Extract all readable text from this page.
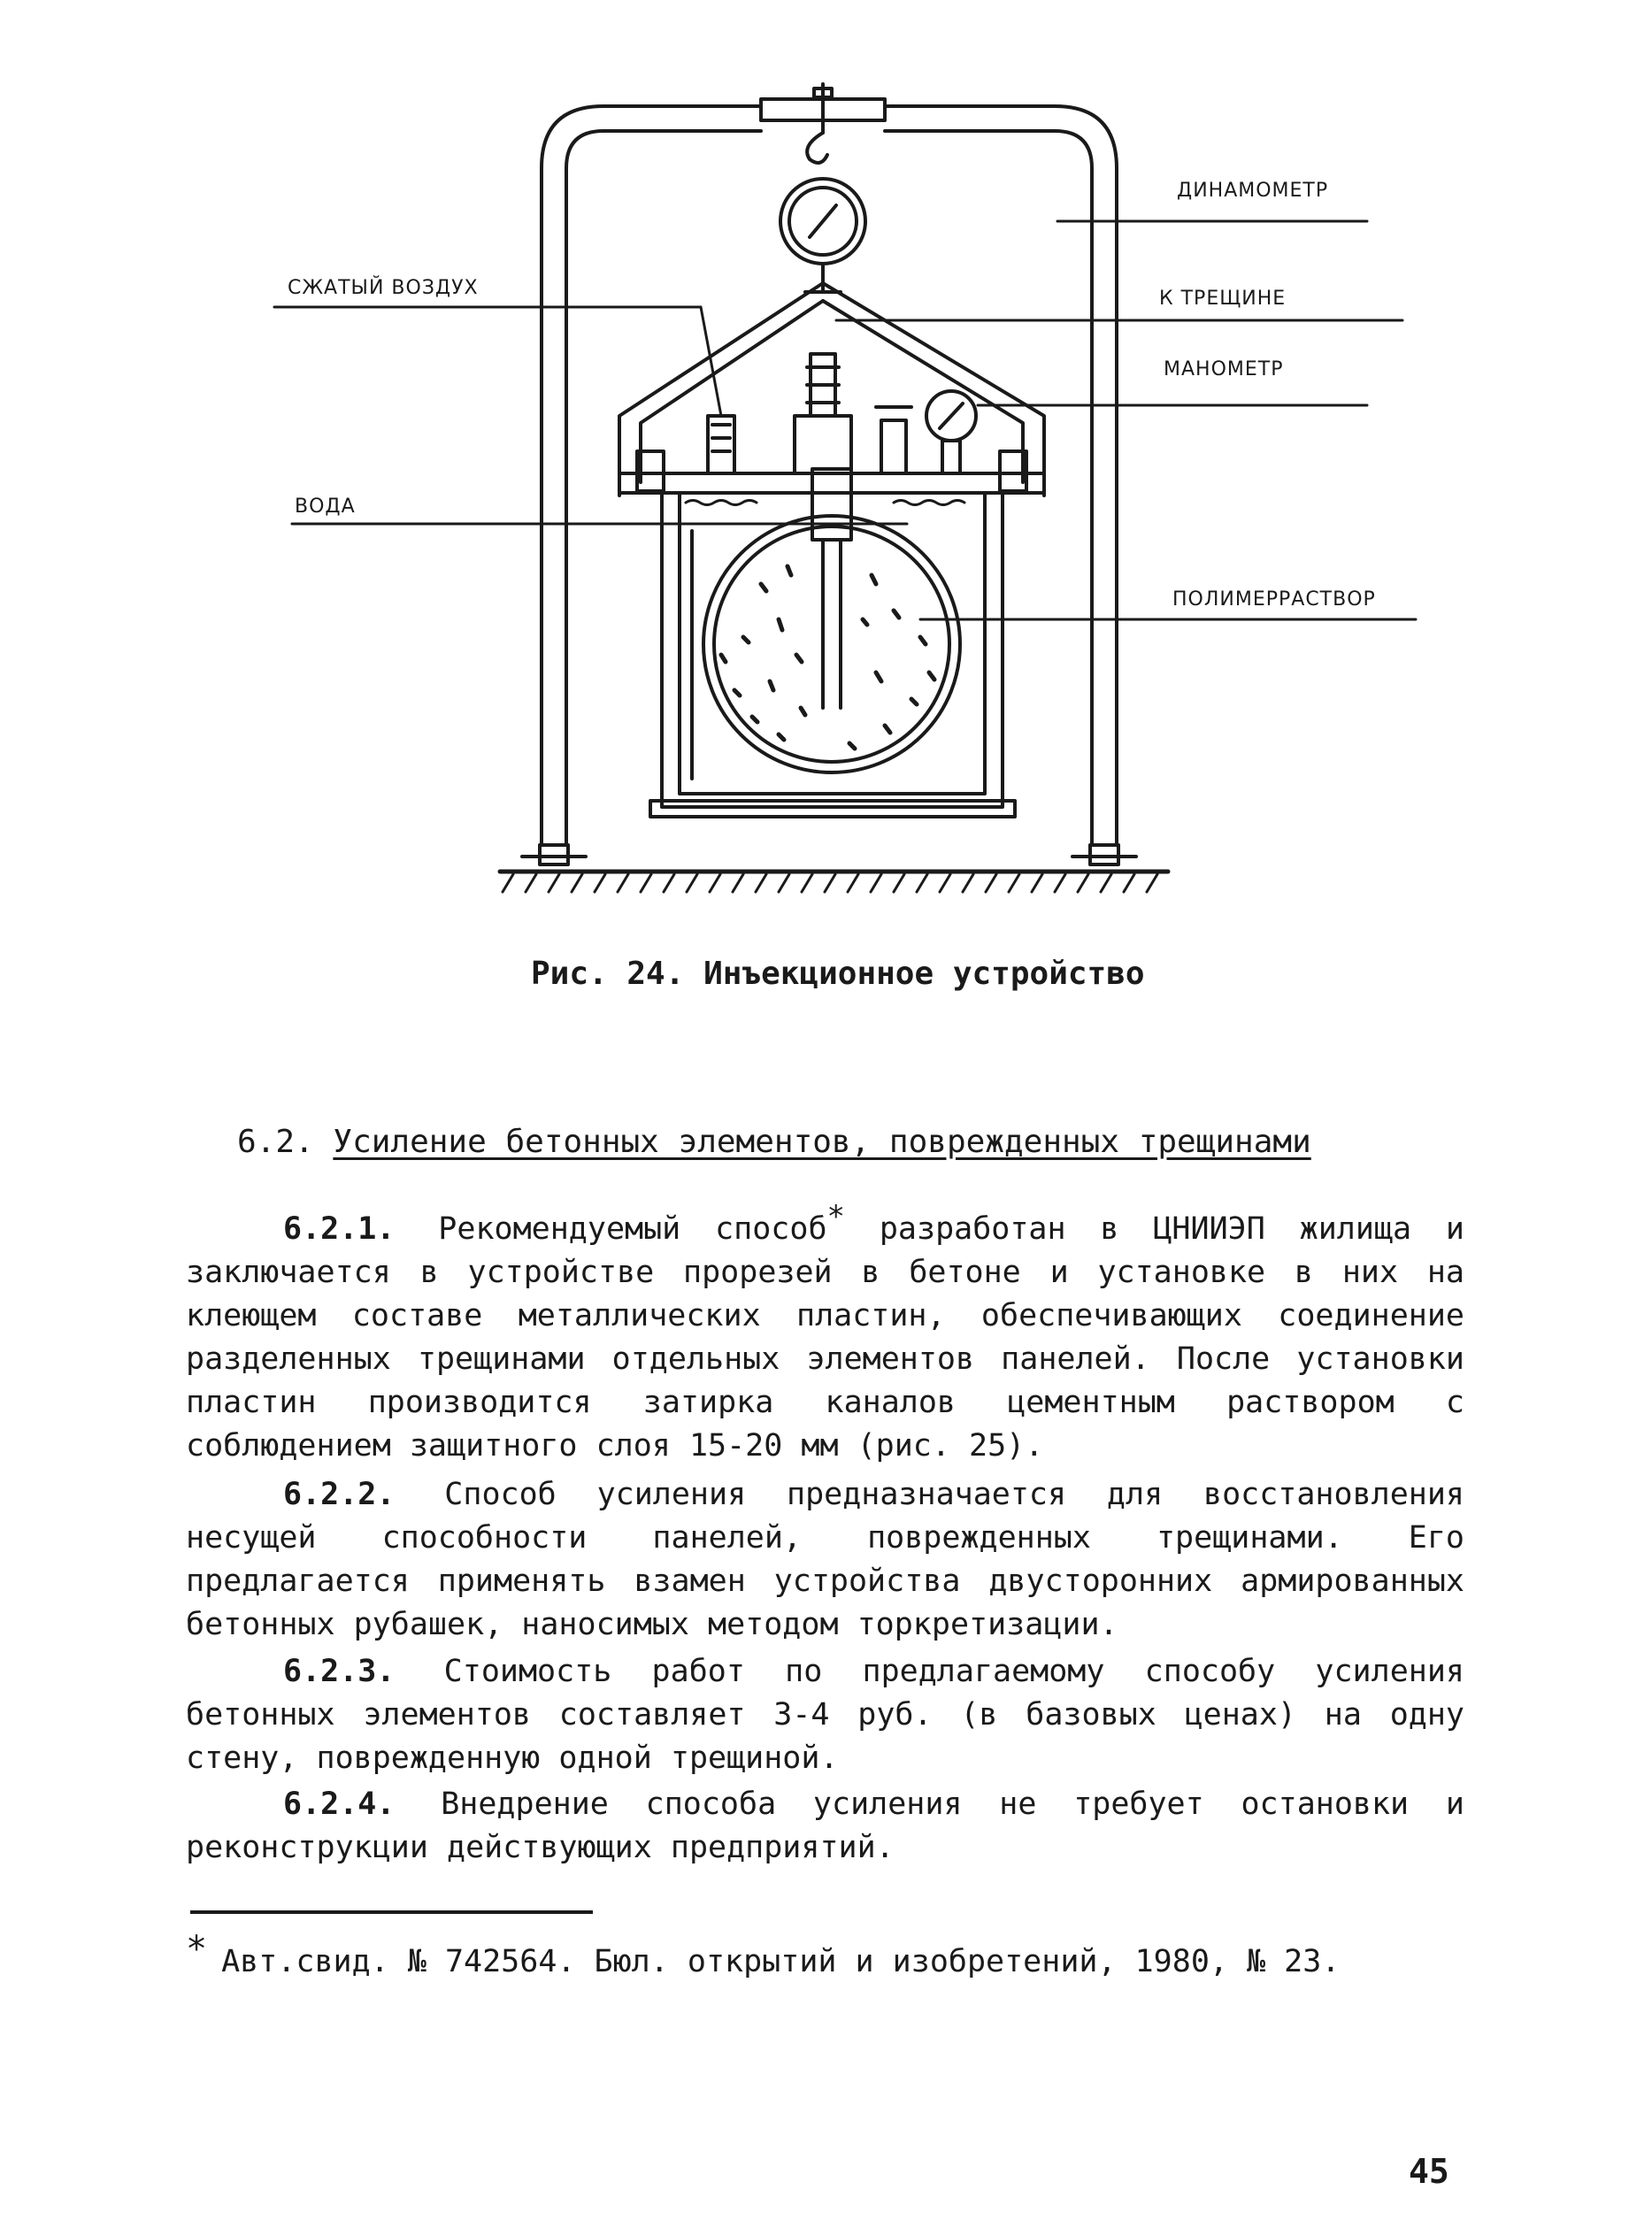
ДИНАМОМЕТР
СЖАТЫЙ ВОЗДУХ	К ТРЕЩИНЕ
МАНОМЕТР
ВОДА
ПОЛИМЕРРАСТВОР
Рис. 24. Инъекционное устройство
6.2. Усиление бетонных элементов, поврежденных трещинами
6.2.1. Рекомендуемый способ* разработан в ЦНИИЭП жилища и заключается в устройстве прорезей в бетоне и установке в них на клеющем составе металлических пластин, обеспечивающих соединение разделенных трещинами отдельных элементов панелей. После установки пластин производится затирка каналов цементным раствором с соблюдением защитного слоя 15-20 мм (рис. 25).
6.2.2. Способ усиления предназначается для восстановления несущей способности панелей, поврежденных трещинами. Его предлагается применять взамен устройства двусторонних армированных бетонных рубашек, наносимых методом торкретизации.
6.2.3. Стоимость работ по предлагаемому способу усиления бетонных элементов составляет 3-4 руб. (в базовых ценах) на одну стену, поврежденную одной трещиной.
6.2.4. Внедрение способа усиления не требует остановки и реконструкции действующих предприятий.
* Авт.свид. № 742564. Бюл. открытий и изобретений, 1980, № 23.
45
